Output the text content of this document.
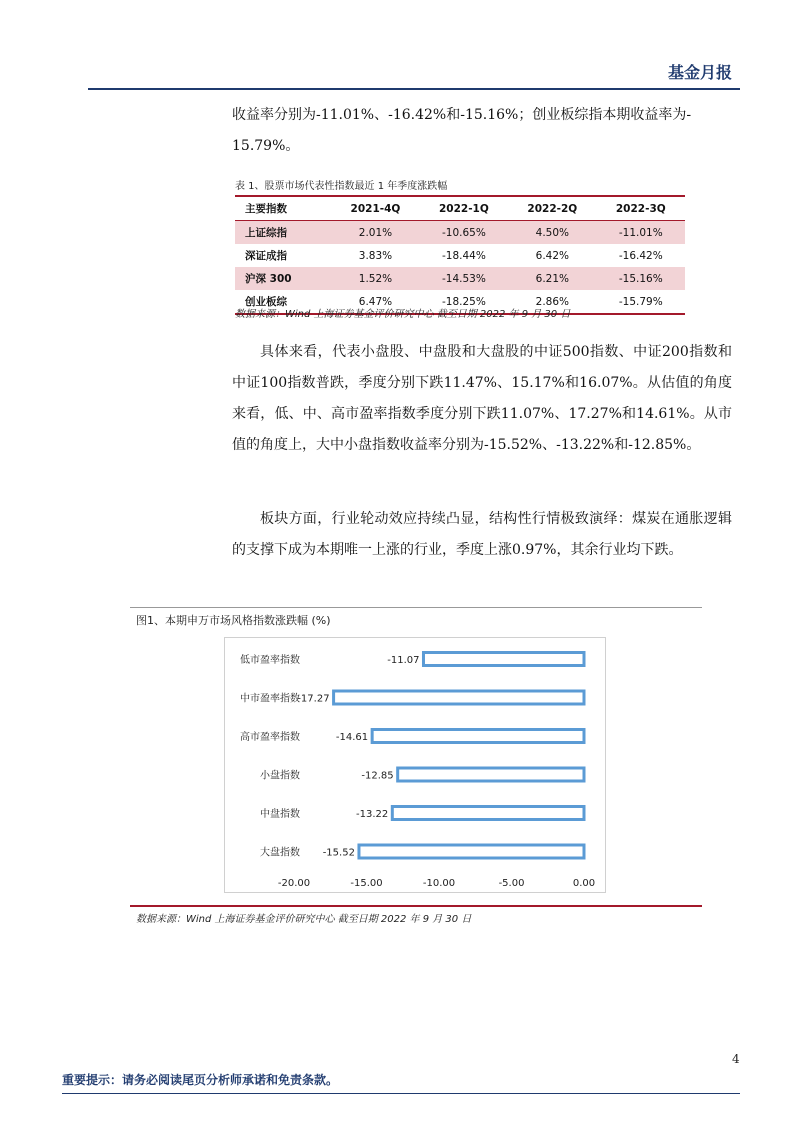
基金月报
收益率分别为-11.01%、-16.42%和-15.16%；创业板综指本期收益率为-
15.79%。
表 1、股票市场代表性指数最近 1 年季度涨跌幅
主要指数	2021-4Q	2022-1Q	2022-2Q	2022-3Q
上证综指	2.01%	-10.65%	4.50%	-11.01%
深证成指	3.83%	-18.44%	6.42%	-16.42%
沪深 300	1.52%	-14.53%	6.21%	-15.16%
创业板综	6.47%	-18.25%	2.86%	-15.79%
数据来源：Wind 上海证券基金评价研究中心 截至日期 2022 年 9 月 30 日
具体来看，代表小盘股、中盘股和大盘股的中证500指数、中证200指数和中证100指数普跌，季度分别下跌11.47%、15.17%和16.07%。从估值的角度来看，低、中、高市盈率指数季度分别下跌11.07%、17.27%和14.61%。从市值的角度上，大中小盘指数收益率分别为-15.52%、-13.22%和-12.85%。
板块方面，行业轮动效应持续凸显，结构性行情极致演绎：煤炭在通胀逻辑的支撑下成为本期唯一上涨的行业，季度上涨0.97%，其余行业均下跌。
图1、本期申万市场风格指数涨跌幅 (%)
低市盈率指数
中市盈率指数
高市盈率指数
小盘指数
中盘指数
大盘指数
-11.07
-17.27
-14.61
-12.85
-13.22
-15.52
-20.00	-15.00	-10.00	-5.00	0.00
数据来源：Wind 上海证券基金评价研究中心 截至日期 2022 年 9 月 30 日
4
重要提示：请务必阅读尾页分析师承诺和免责条款。
